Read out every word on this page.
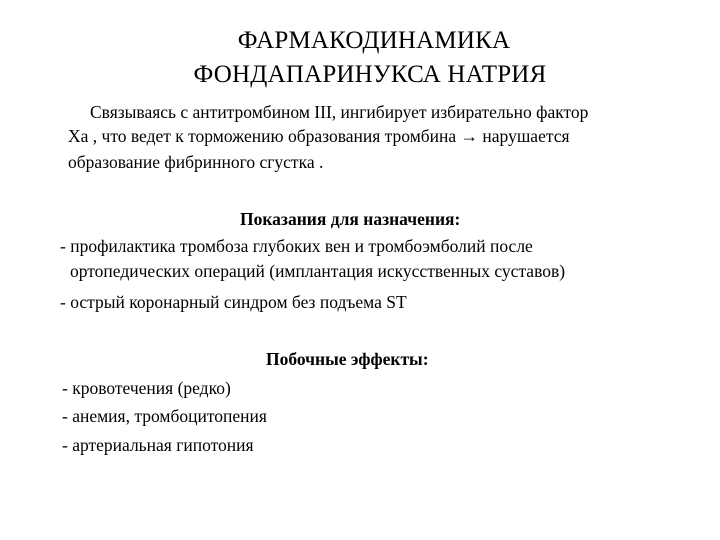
ФАРМАКОДИНАМИКА
ФОНДАПАРИНУКСА НАТРИЯ
Связываясь с антитромбином III, ингибирует избирательно фактор
Ха , что ведет к торможению образования тромбина → нарушается
образование фибринного сгустка .
Показания для назначения:
- профилактика тромбоза глубоких вен и тромбоэмболий после
ортопедических операций (имплантация искусственных суставов)
- острый коронарный синдром без подъема ST
Побочные эффекты:
- кровотечения (редко)
- анемия, тромбоцитопения
- артериальная гипотония
